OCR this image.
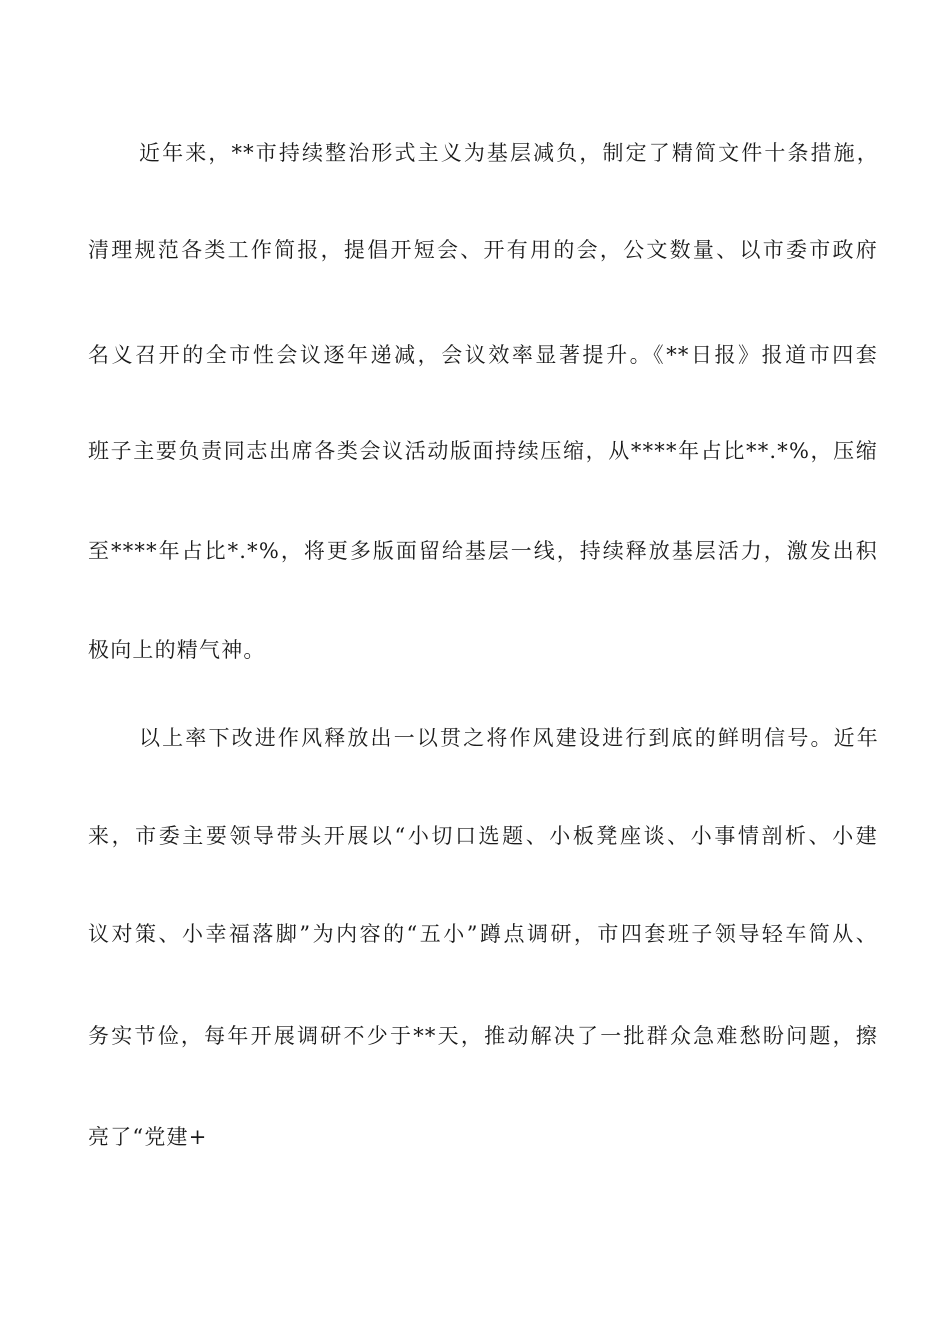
近年来，**市持续整治形式主义为基层减负，制定了精简文件十条措施，
清理规范各类工作简报，提倡开短会、开有用的会，公文数量、以市委市政府
名义召开的全市性会议逐年递减，会议效率显著提升。《**日报》报道市四套
班子主要负责同志出席各类会议活动版面持续压缩，从****年占比**.*%，压缩
至****年占比*.*%，将更多版面留给基层一线，持续释放基层活力，激发出积
极向上的精气神。
以上率下改进作风释放出一以贯之将作风建设进行到底的鲜明信号。近年
来，市委主要领导带头开展以“小切口选题、小板凳座谈、小事情剖析、小建
议对策、小幸福落脚”为内容的“五小”蹲点调研，市四套班子领导轻车简从、
务实节俭，每年开展调研不少于**天，推动解决了一批群众急难愁盼问题，擦
亮了“党建+
